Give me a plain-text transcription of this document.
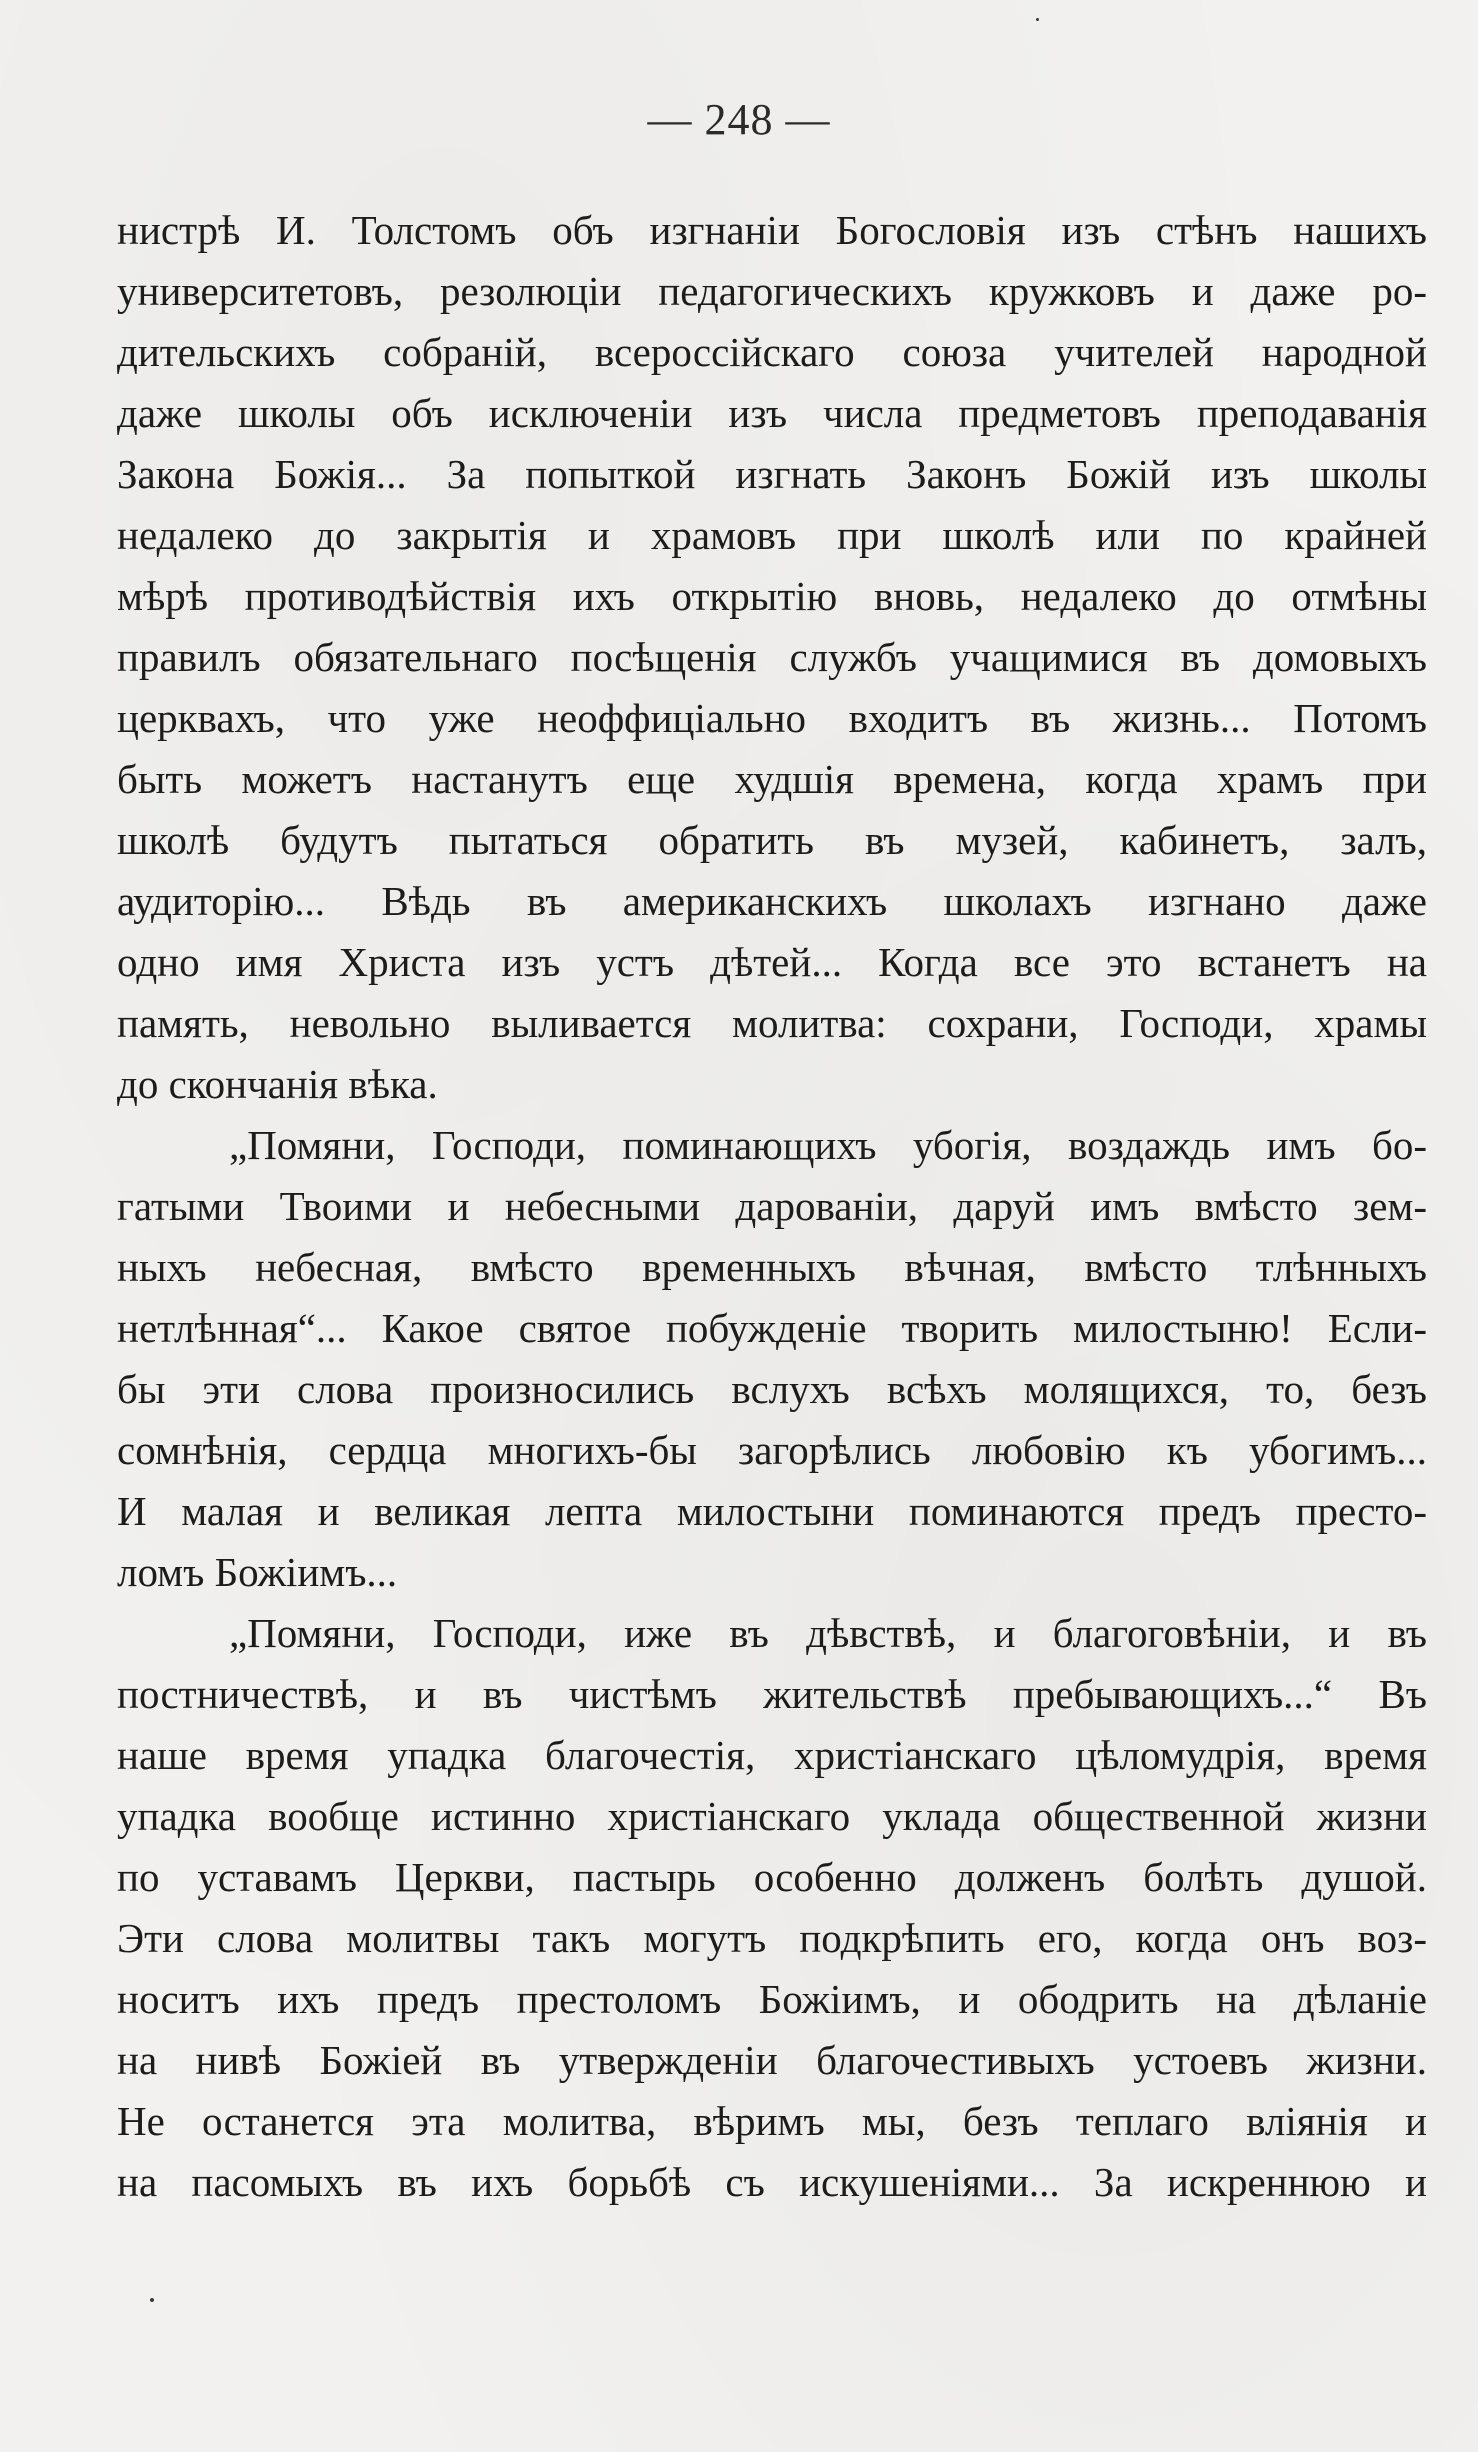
— 248 —
нистрѣ И. Толстомъ объ изгнанiи Богословiя изъ стѣнъ нашихъ
университетовъ, резолюцiи педагогическихъ кружковъ и даже ро-
дительскихъ собранiй, всероссiйскаго союза учителей народной
даже школы объ исключенiи изъ числа предметовъ преподаванiя
Закона Божiя... За попыткой изгнать Законъ Божiй изъ школы
недалеко до закрытiя и храмовъ при школѣ или по крайней
мѣрѣ противодѣйствiя ихъ открытiю вновь, недалеко до отмѣны
правилъ обязательнаго посѣщенiя службъ учащимися въ домовыхъ
церквахъ, что уже неоффицiально входитъ въ жизнь... Потомъ
быть можетъ настанутъ еще худшiя времена, когда храмъ при
школѣ будутъ пытаться обратить въ музей, кабинетъ, залъ,
аудиторiю... Вѣдь въ американскихъ школахъ изгнано даже
одно имя Христа изъ устъ дѣтей... Когда все это встанетъ на
память, невольно выливается молитва: сохрани, Господи, храмы
до скончанiя вѣка.
„Помяни, Господи, поминающихъ убогiя, воздаждь имъ бо-
гатыми Твоими и небесными дарованiи, даруй имъ вмѣсто зем-
ныхъ небесная, вмѣсто временныхъ вѣчная, вмѣсто тлѣнныхъ
нетлѣнная“... Какое святое побужденiе творить милостыню! Если-
бы эти слова произносились вслухъ всѣхъ молящихся, то, безъ
сомнѣнiя, сердца многихъ-бы загорѣлись любовiю къ убогимъ...
И малая и великая лепта милостыни поминаются предъ престо-
ломъ Божiимъ...
„Помяни, Господи, иже въ дѣвствѣ, и благоговѣнiи, и въ
постничествѣ, и въ чистѣмъ жительствѣ пребывающихъ...“ Въ
наше время упадка благочестiя, христiанскаго цѣломудрiя, время
упадка вообще истинно христiанскаго уклада общественной жизни
по уставамъ Церкви, пастырь особенно долженъ болѣть душой.
Эти слова молитвы такъ могутъ подкрѣпить его, когда онъ воз-
носитъ ихъ предъ престоломъ Божiимъ, и ободрить на дѣланiе
на нивѣ Божiей въ утвержденiи благочестивыхъ устоевъ жизни.
Не останется эта молитва, вѣримъ мы, безъ теплаго влiянiя и
на пасомыхъ въ ихъ борьбѣ съ искушенiями... За искреннюю и
